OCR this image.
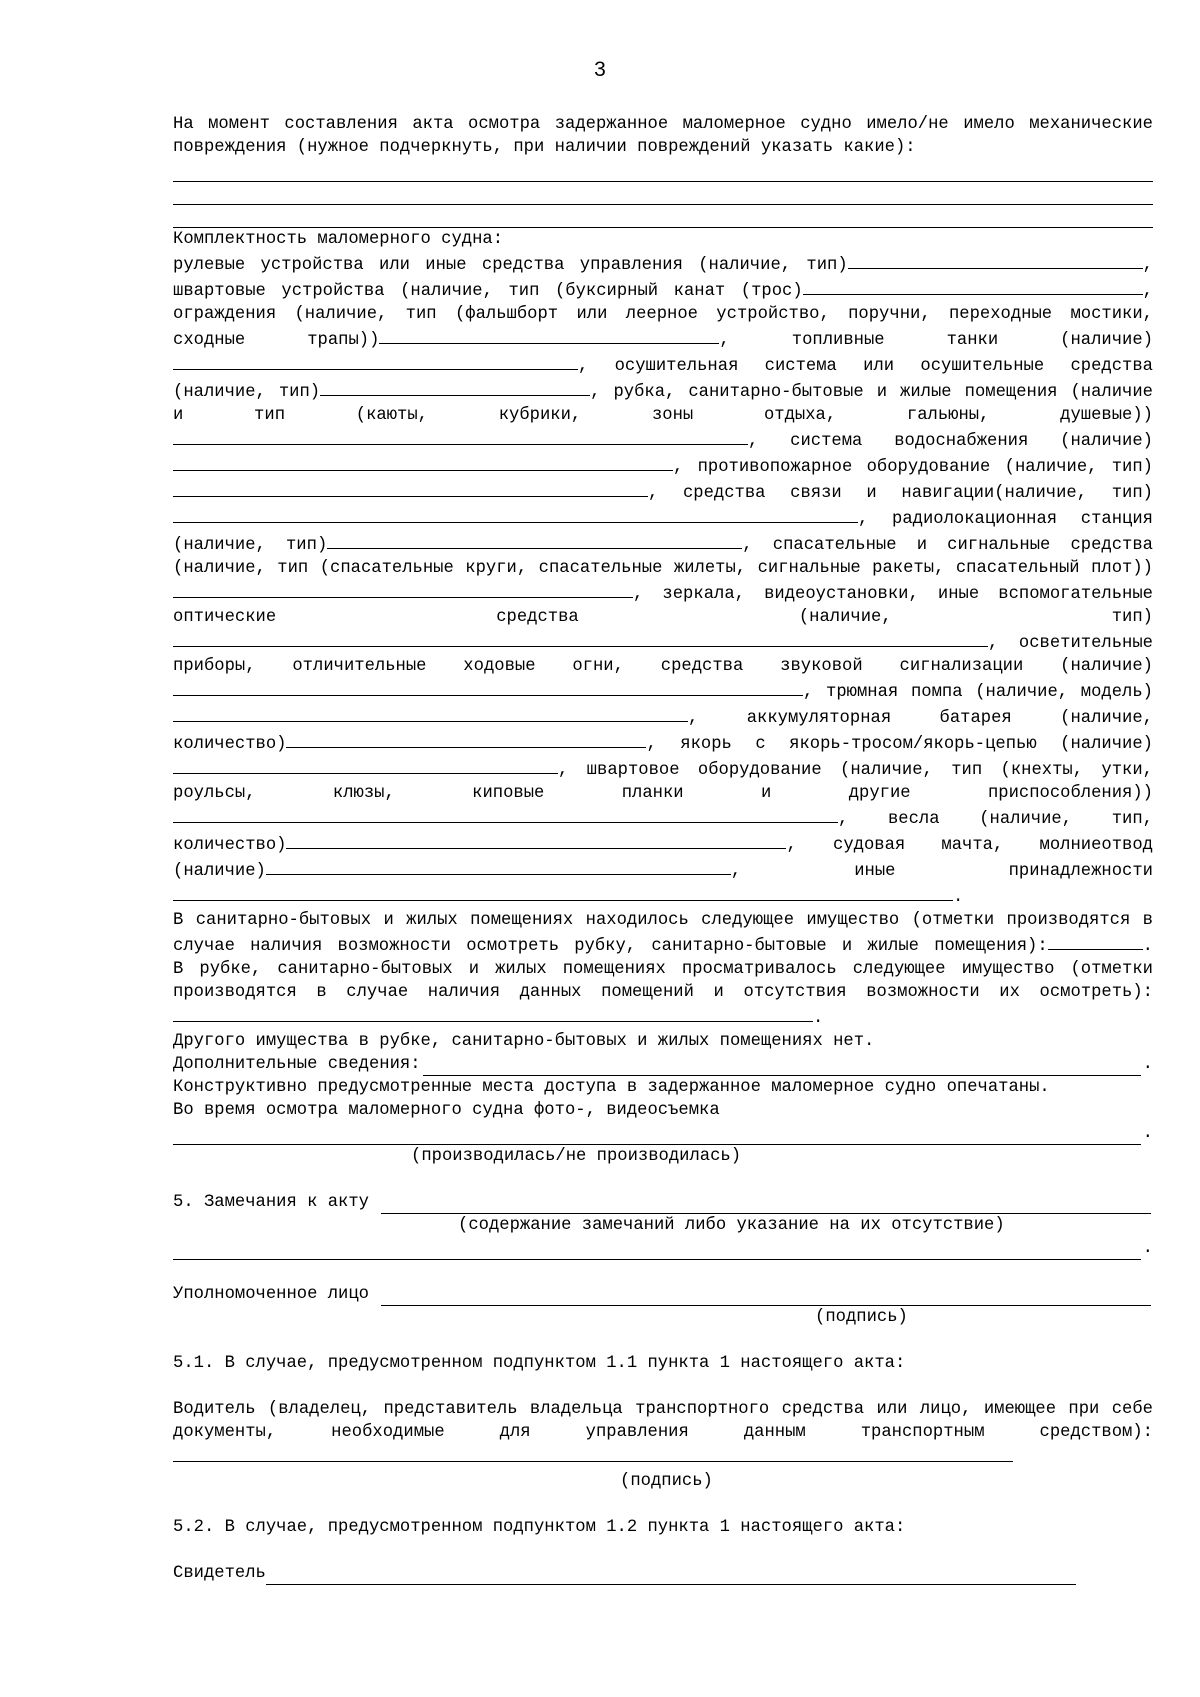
3

На момент составления акта осмотра задержанное маломерное судно имело/не имело механические повреждения (нужное подчеркнуть, при наличии повреждений указать какие):

Комплектность маломерного судна:

рулевые устройства или иные средства управления (наличие, тип)	, швартовые устройства (наличие, тип (буксирный канат (трос)	, ограждения (наличие, тип (фальшборт или леерное устройство, поручни, переходные мостики, сходные трапы))	, топливные танки (наличие), осушительная система или осушительные средства (наличие, тип)	, рубка, санитарно-бытовые и жилые помещения (наличие и тип (каюты, кубрики, зоны отдыха, гальюны, душевые)), система водоснабжения (наличие), противопожарное оборудование (наличие, тип), средства связи и навигации(наличие, тип), радиолокационная станция (наличие, тип)	, спасательные и сигнальные средства (наличие, тип (спасательные круги, спасательные жилеты, сигнальные ракеты, спасательный плот)), зеркала, видеоустановки, иные вспомогательные оптические средства (наличие, тип), осветительные приборы, отличительные ходовые огни, средства звуковой сигнализации (наличие), трюмная помпа (наличие, модель), аккумуляторная батарея (наличие, количество)	, якорь с якорь-тросом/якорь-цепью (наличие), швартовое оборудование (наличие, тип (кнехты, утки, роульсы, клюзы, киповые планки и другие приспособления)), весла (наличие, тип, количество)	, судовая мачта, молниеотвод (наличие)	, иные принадлежности.

В санитарно-бытовых и жилых помещениях находилось следующее имущество (отметки производятся в случае наличия возможности осмотреть рубку, санитарно-бытовые и жилые помещения):	.

В рубке, санитарно-бытовых и жилых помещениях просматривалось следующее имущество (отметки производятся в случае наличия данных помещений и отсутствия возможности их осмотреть):.

Другого имущества в рубке, санитарно-бытовых и жилых помещениях нет.

Дополнительные сведения:	.

Конструктивно предусмотренные места доступа в задержанное маломерное судно опечатаны.

Во время осмотра маломерного судна фото-, видеосъемка

.
(производилась/не производилась)
5. Замечания к акту
(содержание замечаний либо указание на их отсутствие)
.
Уполномоченное лицо
(подпись)

5.1. В случае, предусмотренном подпунктом 1.1 пункта 1 настоящего акта:

Водитель (владелец, представитель владельца транспортного средства или лицо, имеющее при себе документы, необходимые для управления данным транспортным средством):

(подпись)

5.2. В случае, предусмотренном подпунктом 1.2 пункта 1 настоящего акта:

Свидетель
